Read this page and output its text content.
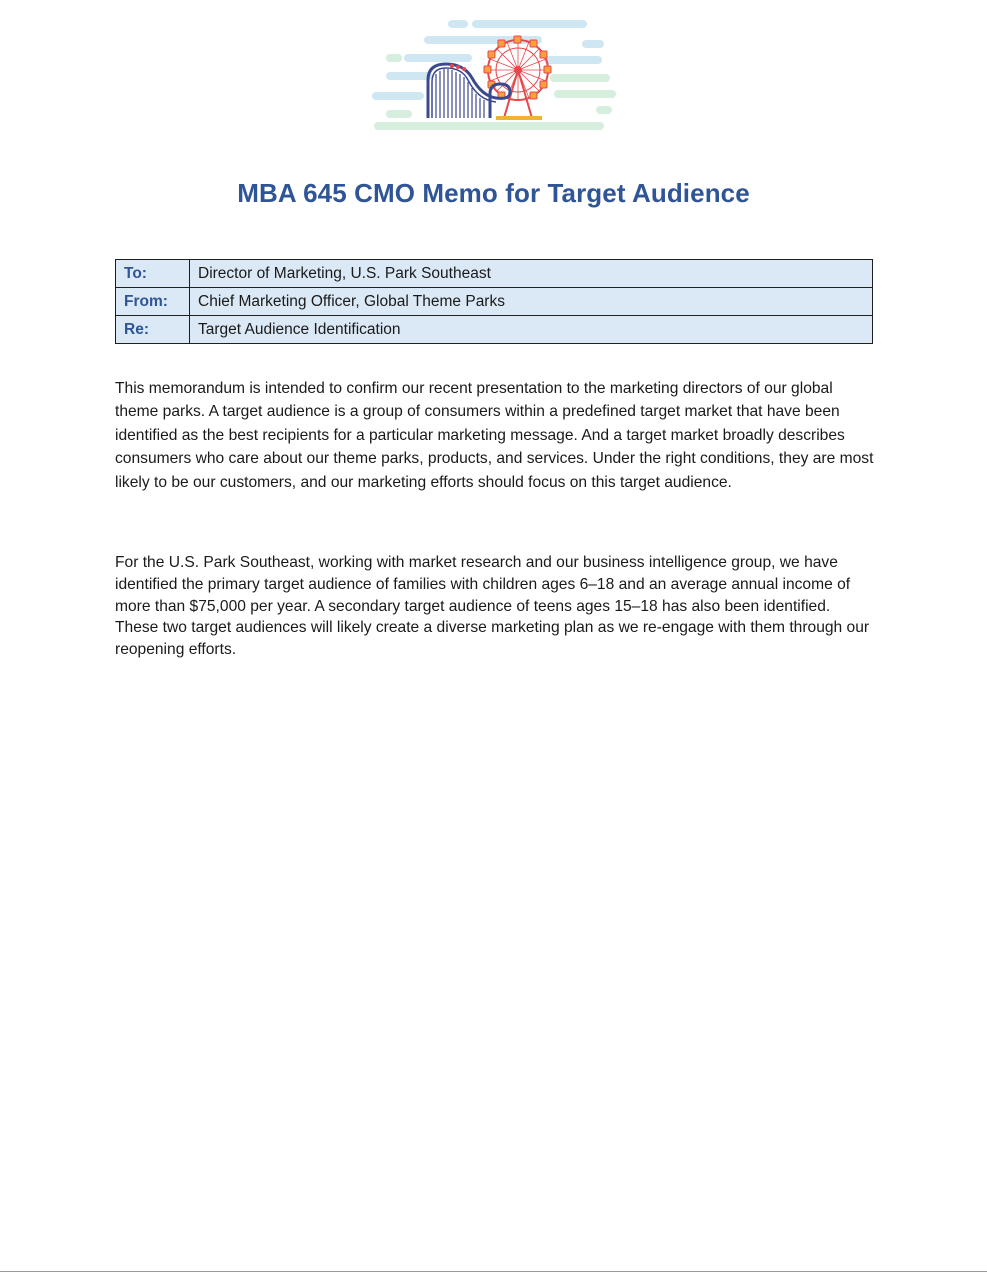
MBA 645 CMO Memo for Target Audience
To:	Director of Marketing, U.S. Park Southeast
From:	Chief Marketing Officer, Global Theme Parks
Re:	Target Audience Identification

This memorandum is intended to confirm our recent presentation to the marketing directors of our global theme parks. A target audience is a group of consumers within a predefined target market that have been identified as the best recipients for a particular marketing message. And a target market broadly describes consumers who care about our theme parks, products, and services. Under the right conditions, they are most likely to be our customers, and our marketing efforts should focus on this target audience.

For the U.S. Park Southeast, working with market research and our business intelligence group, we have identified the primary target audience of families with children ages 6–18 and an average annual income of more than $75,000 per year. A secondary target audience of teens ages 15–18 has also been identified. These two target audiences will likely create a diverse marketing plan as we re-engage with them through our reopening efforts.
